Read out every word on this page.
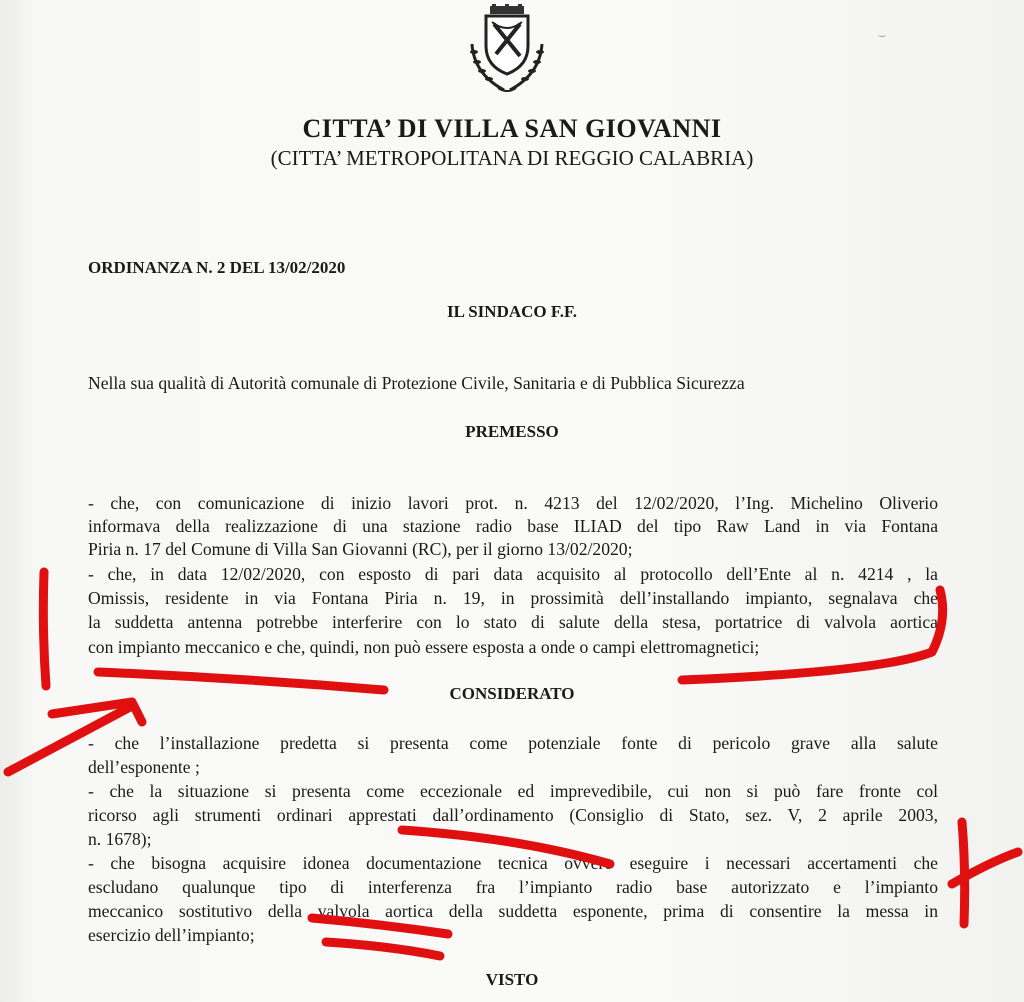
CITTA’ DI VILLA SAN GIOVANNI
(CITTA’ METROPOLITANA DI REGGIO CALABRIA)
ORDINANZA N. 2 DEL 13/02/2020
IL SINDACO F.F.
Nella sua qualità di Autorità comunale di Protezione Civile, Sanitaria e di Pubblica Sicurezza
PREMESSO
- che, con comunicazione di inizio lavori prot. n. 4213 del 12/02/2020, l’Ing. Michelino Oliverio
informava della realizzazione di una stazione radio base ILIAD del tipo Raw Land in via Fontana
Piria n. 17 del Comune di Villa San Giovanni (RC), per il giorno 13/02/2020;
- che, in data 12/02/2020, con esposto di pari data acquisito al protocollo dell’Ente al n. 4214 , la
Omissis, residente in via Fontana Piria n. 19, in prossimità dell’installando impianto, segnalava che
la suddetta antenna potrebbe interferire con lo stato di salute della stesa, portatrice di valvola aortica
con impianto meccanico e che, quindi, non può essere esposta a onde o campi elettromagnetici;
CONSIDERATO
- che l’installazione predetta si presenta come potenziale fonte di pericolo grave alla salute
dell’esponente ;
- che la situazione si presenta come eccezionale ed imprevedibile, cui non si può fare fronte col
ricorso agli strumenti ordinari apprestati dall’ordinamento (Consiglio di Stato, sez. V, 2 aprile 2003,
n. 1678);
- che bisogna acquisire idonea documentazione tecnica ovvero eseguire i necessari accertamenti che
escludano qualunque tipo di interferenza fra l’impianto radio base autorizzato e l’impianto
meccanico sostitutivo della valvola aortica della suddetta esponente, prima di consentire la messa in
esercizio dell’impianto;
VISTO
